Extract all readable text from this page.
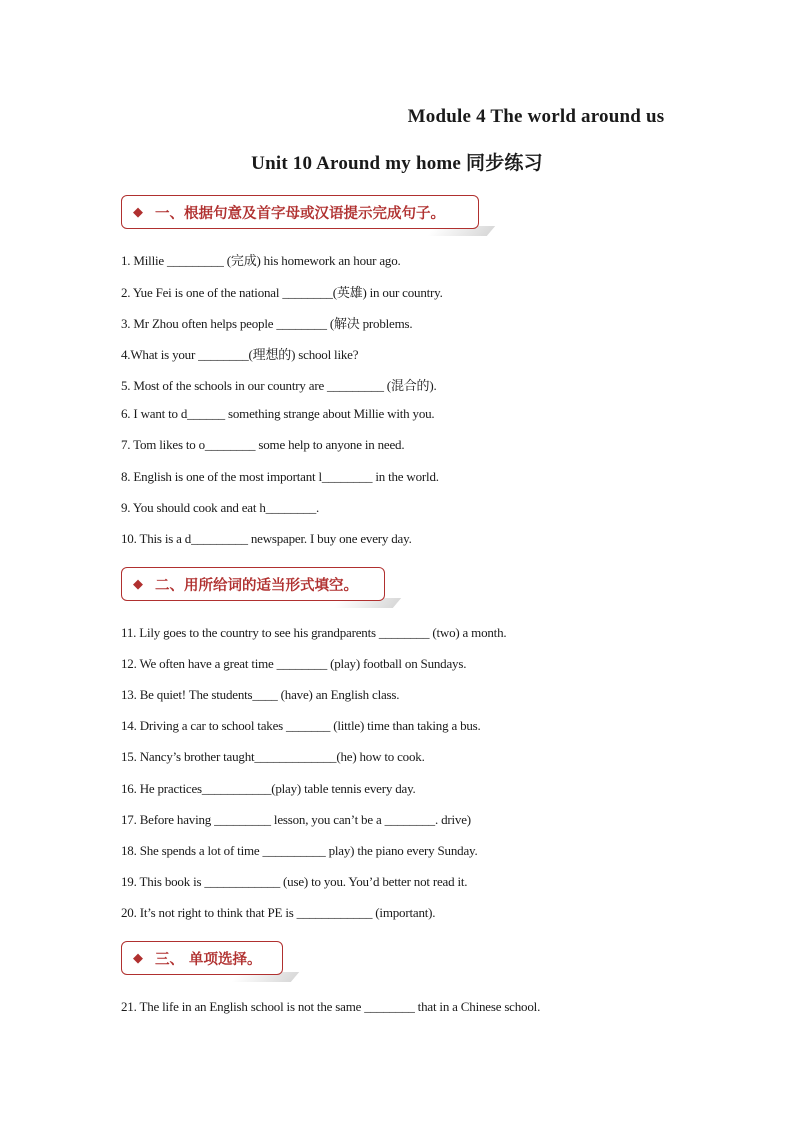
Module 4 The world around us
Unit 10 Around my home 同步练习
◆ 一、根据句意及首字母或汉语提示完成句子。
1. Millie _________ (完成) his homework an hour ago.
2. Yue Fei is one of the national ________(英雄) in our country.
3. Mr Zhou often helps people ________ (解决 problems.
4.What is your ________(理想的) school like?
5. Most of the schools in our country are _________ (混合的).
6. I want to d______ something strange about Millie with you.
7. Tom likes to o________ some help to anyone in need.
8. English is one of the most important l________ in the world.
9. You should cook and eat h________.
10. This is a d_________ newspaper. I buy one every day.
◆ 二、用所给词的适当形式填空。
11. Lily goes to the country to see his grandparents ________ (two) a month.
12. We often have a great time ________ (play) football on Sundays.
13. Be quiet! The students____ (have) an English class.
14. Driving a car to school takes _______ (little) time than taking a bus.
15. Nancy’s brother taught_____________(he) how to cook.
16. He practices___________(play) table tennis every day.
17. Before having _________ lesson, you can’t be a ________. drive)
18. She spends a lot of time __________ play) the piano every Sunday.
19. This book is ____________ (use) to you. You’d better not read it.
20. It’s not right to think that PE is ____________ (important).
◆ 三、 单项选择。
21. The life in an English school is not the same ________ that in a Chinese school.
